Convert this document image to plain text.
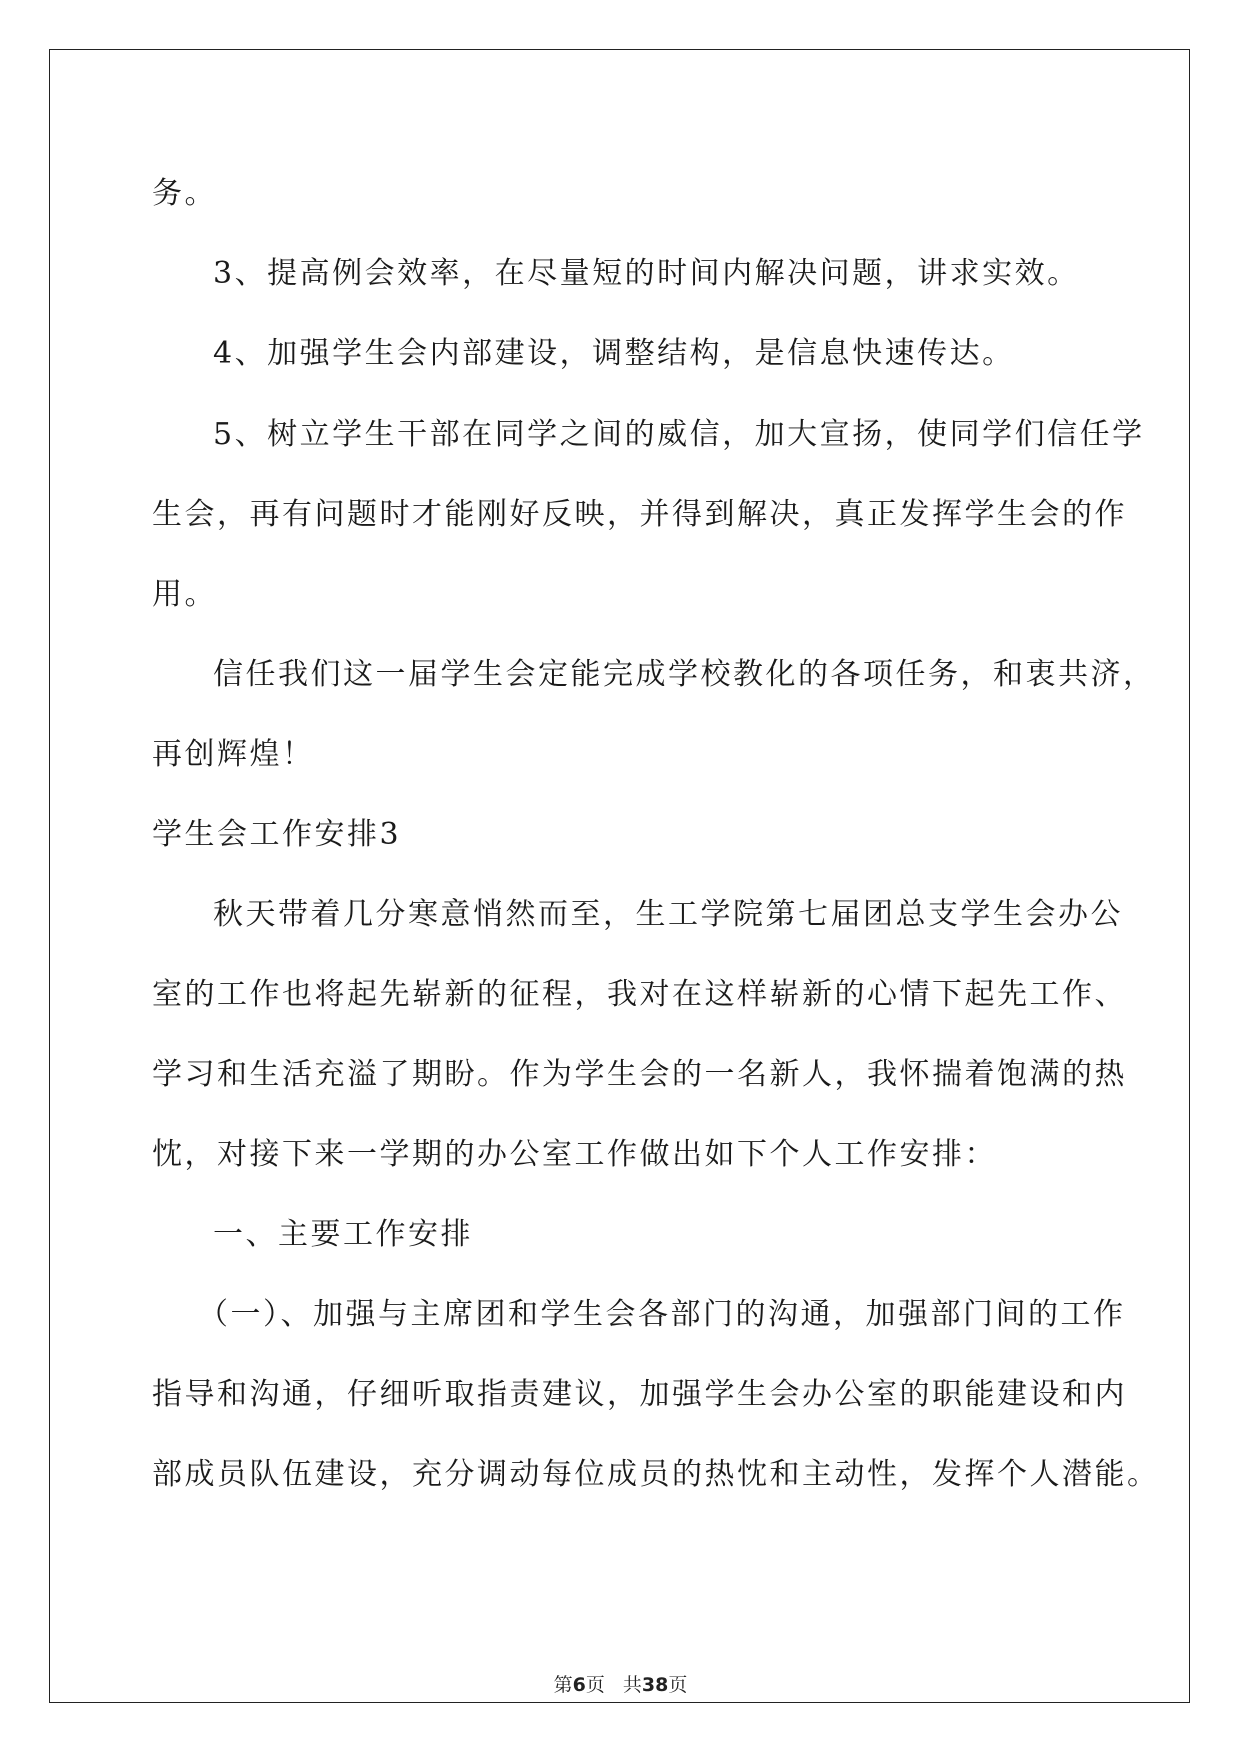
务。
3、提高例会效率，在尽量短的时间内解决问题，讲求实效。
4、加强学生会内部建设，调整结构，是信息快速传达。
5、树立学生干部在同学之间的威信，加大宣扬，使同学们信任学
生会，再有问题时才能刚好反映，并得到解决，真正发挥学生会的作
用。
信任我们这一届学生会定能完成学校教化的各项任务，和衷共济，
再创辉煌！
学生会工作安排3
秋天带着几分寒意悄然而至，生工学院第七届团总支学生会办公
室的工作也将起先崭新的征程，我对在这样崭新的心情下起先工作、
学习和生活充溢了期盼。作为学生会的一名新人，我怀揣着饱满的热
忱，对接下来一学期的办公室工作做出如下个人工作安排：
一、主要工作安排
（一）、加强与主席团和学生会各部门的沟通，加强部门间的工作
指导和沟通，仔细听取指责建议，加强学生会办公室的职能建设和内
部成员队伍建设，充分调动每位成员的热忱和主动性，发挥个人潜能。
第6页 共38页
